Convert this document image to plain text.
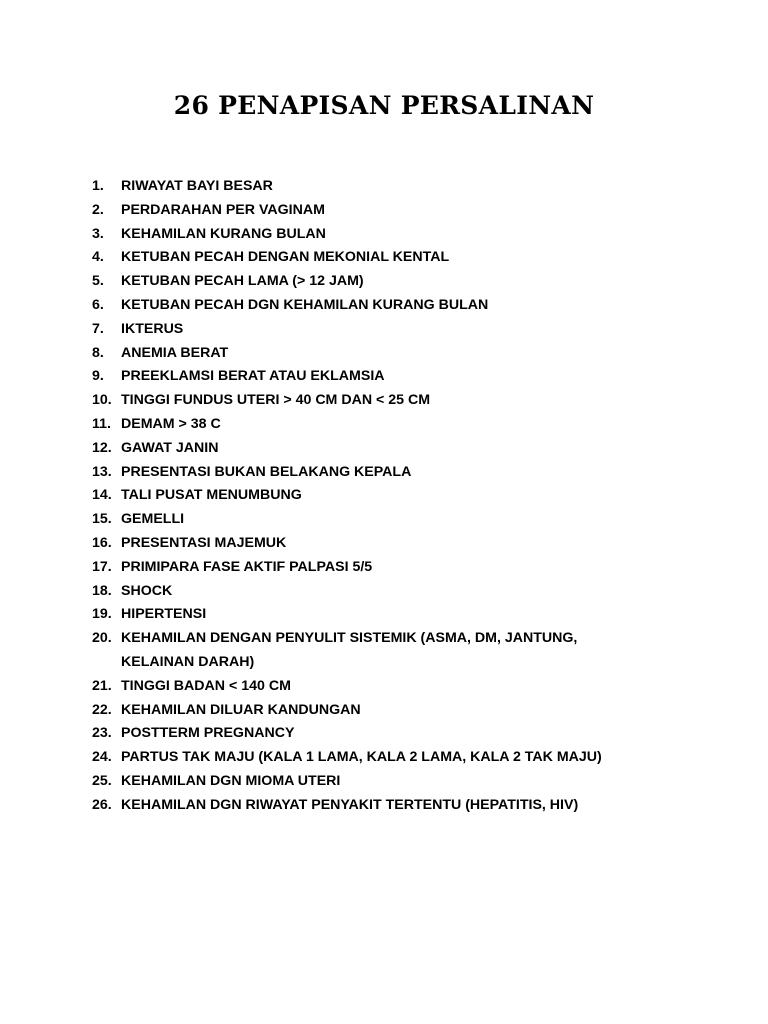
26 PENAPISAN PERSALINAN
1. RIWAYAT BAYI BESAR
2. PERDARAHAN PER VAGINAM
3. KEHAMILAN KURANG BULAN
4. KETUBAN PECAH DENGAN MEKONIAL KENTAL
5. KETUBAN PECAH LAMA (> 12 JAM)
6. KETUBAN PECAH DGN KEHAMILAN KURANG BULAN
7. IKTERUS
8. ANEMIA BERAT
9. PREEKLAMSI BERAT ATAU EKLAMSIA
10. TINGGI FUNDUS UTERI > 40 CM DAN < 25 CM
11. DEMAM > 38 C
12. GAWAT JANIN
13. PRESENTASI BUKAN BELAKANG KEPALA
14. TALI PUSAT MENUMBUNG
15. GEMELLI
16. PRESENTASI MAJEMUK
17. PRIMIPARA FASE AKTIF PALPASI 5/5
18. SHOCK
19. HIPERTENSI
20. KEHAMILAN DENGAN PENYULIT SISTEMIK (ASMA, DM, JANTUNG,
KELAINAN DARAH)
21. TINGGI BADAN < 140 CM
22. KEHAMILAN DILUAR KANDUNGAN
23. POSTTERM PREGNANCY
24. PARTUS TAK MAJU (KALA 1 LAMA, KALA 2 LAMA, KALA 2 TAK MAJU)
25. KEHAMILAN DGN MIOMA UTERI
26. KEHAMILAN DGN RIWAYAT PENYAKIT TERTENTU (HEPATITIS, HIV)
